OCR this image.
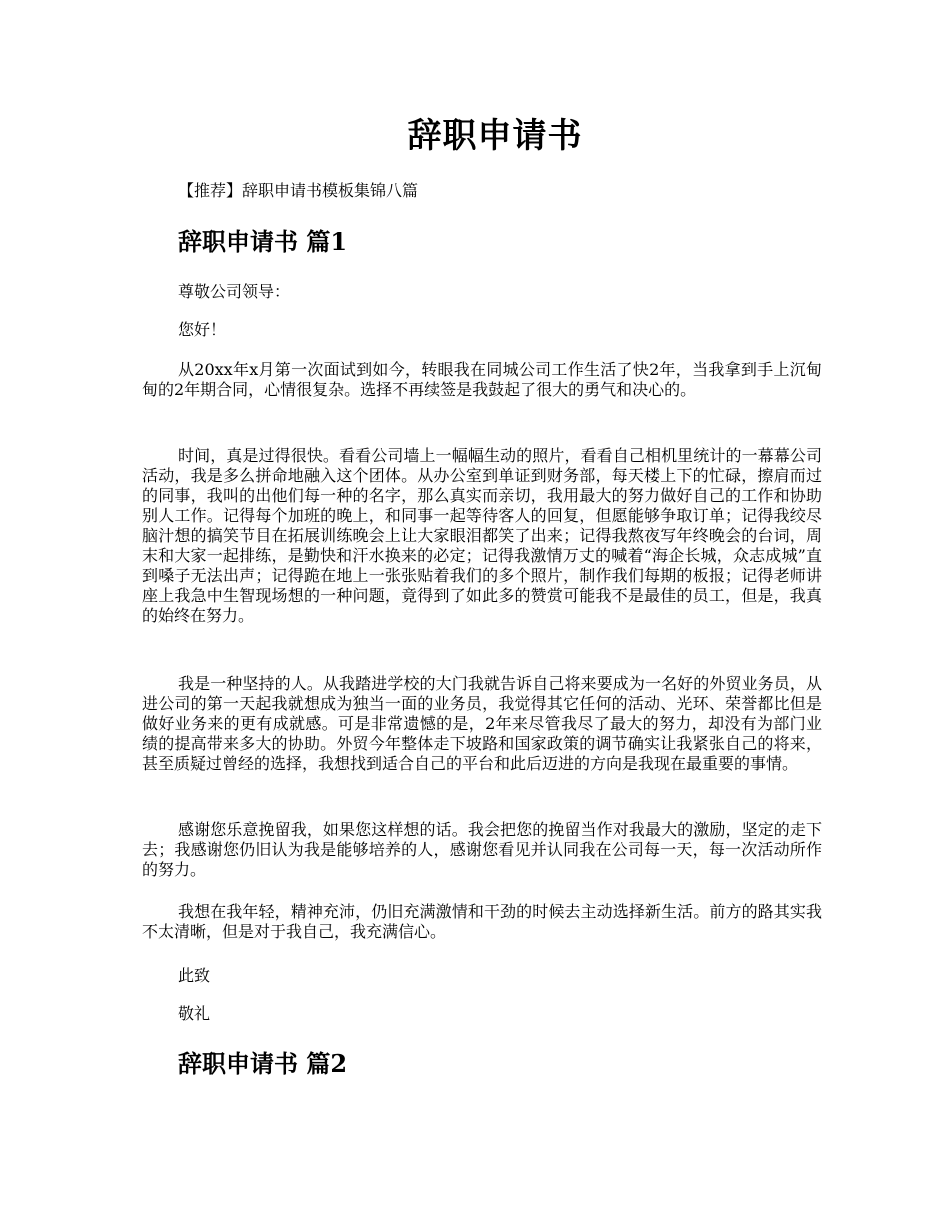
辞职申请书

【推荐】辞职申请书模板集锦八篇

辞职申请书 篇1

尊敬公司领导：

您好！

从20xx年x月第一次面试到如今，转眼我在同城公司工作生活了快2年，当我拿到手上沉甸甸的2年期合同，心情很复杂。选择不再续签是我鼓起了很大的勇气和决心的。

时间，真是过得很快。看看公司墙上一幅幅生动的照片，看看自己相机里统计的一幕幕公司活动，我是多么拼命地融入这个团体。从办公室到单证到财务部，每天楼上下的忙碌，擦肩而过的同事，我叫的出他们每一种的名字，那么真实而亲切，我用最大的努力做好自己的工作和协助别人工作。记得每个加班的晚上，和同事一起等待客人的回复，但愿能够争取订单；记得我绞尽脑汁想的搞笑节目在拓展训练晚会上让大家眼泪都笑了出来；记得我熬夜写年终晚会的台词，周末和大家一起排练，是勤快和汗水换来的必定；记得我激情万丈的喊着“海企长城，众志成城”直到嗓子无法出声；记得跪在地上一张张贴着我们的多个照片，制作我们每期的板报；记得老师讲座上我急中生智现场想的一种问题，竟得到了如此多的赞赏可能我不是最佳的员工，但是，我真的始终在努力。

我是一种坚持的人。从我踏进学校的大门我就告诉自己将来要成为一名好的外贸业务员，从进公司的第一天起我就想成为独当一面的业务员，我觉得其它任何的活动、光环、荣誉都比但是做好业务来的更有成就感。可是非常遗憾的是，2年来尽管我尽了最大的努力，却没有为部门业绩的提高带来多大的协助。外贸今年整体走下坡路和国家政策的调节确实让我紧张自己的将来，甚至质疑过曾经的选择，我想找到适合自己的平台和此后迈进的方向是我现在最重要的事情。

感谢您乐意挽留我，如果您这样想的话。我会把您的挽留当作对我最大的激励，坚定的走下去；我感谢您仍旧认为我是能够培养的人，感谢您看见并认同我在公司每一天，每一次活动所作的努力。

我想在我年轻，精神充沛，仍旧充满激情和干劲的时候去主动选择新生活。前方的路其实我不太清晰，但是对于我自己，我充满信心。

此致

敬礼

辞职申请书 篇2
